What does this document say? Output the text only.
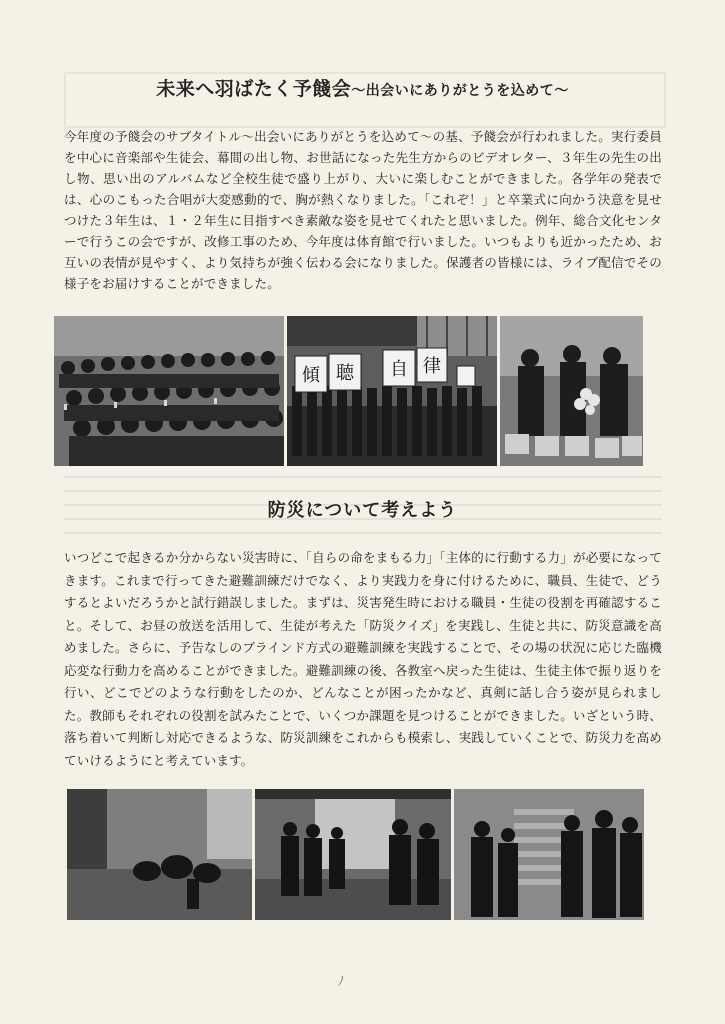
未来へ羽ばたく予餞会～出会いにありがとうを込めて～

今年度の予餞会のサブタイトル～出会いにありがとうを込めて～の基、予餞会が行われました。実行委員を中心に音楽部や生徒会、幕間の出し物、お世話になった先生方からのビデオレター、３年生の先生の出し物、思い出のアルバムなど全校生徒で盛り上がり、大いに楽しむことができました。各学年の発表では、心のこもった合唱が大変感動的で、胸が熱くなりました。「これぞ！」と卒業式に向かう決意を見せつけた３年生は、１・２年生に目指すべき素敵な姿を見せてくれたと思いました。例年、総合文化センターで行うこの会ですが、改修工事のため、今年度は体育館で行いました。いつもよりも近かったため、お互いの表情が見やすく、より気持ちが強く伝わる会になりました。保護者の皆様には、ライブ配信でその様子をお届けすることができました。

傾 聴 自 律
防災について考えよう

いつどこで起きるか分からない災害時に、「自らの命をまもる力」「主体的に行動する力」が必要になってきます。これまで行ってきた避難訓練だけでなく、より実践力を身に付けるために、職員、生徒で、どうするとよいだろうかと試行錯誤しました。まずは、災害発生時における職員・生徒の役割を再確認すること。そして、お昼の放送を活用して、生徒が考えた「防災クイズ」を実践し、生徒と共に、防災意識を高めました。さらに、予告なしのブラインド方式の避難訓練を実践することで、その場の状況に応じた臨機応変な行動力を高めることができました。避難訓練の後、各教室へ戻った生徒は、生徒主体で振り返りを行い、どこでどのような行動をしたのか、どんなことが困ったかなど、真剣に話し合う姿が見られました。教師もそれぞれの役割を試みたことで、いくつか課題を見つけることができました。いざという時、落ち着いて判断し対応できるような、防災訓練をこれからも模索し、実践していくことで、防災力を高めていけるようにと考えています。

ﾉ
